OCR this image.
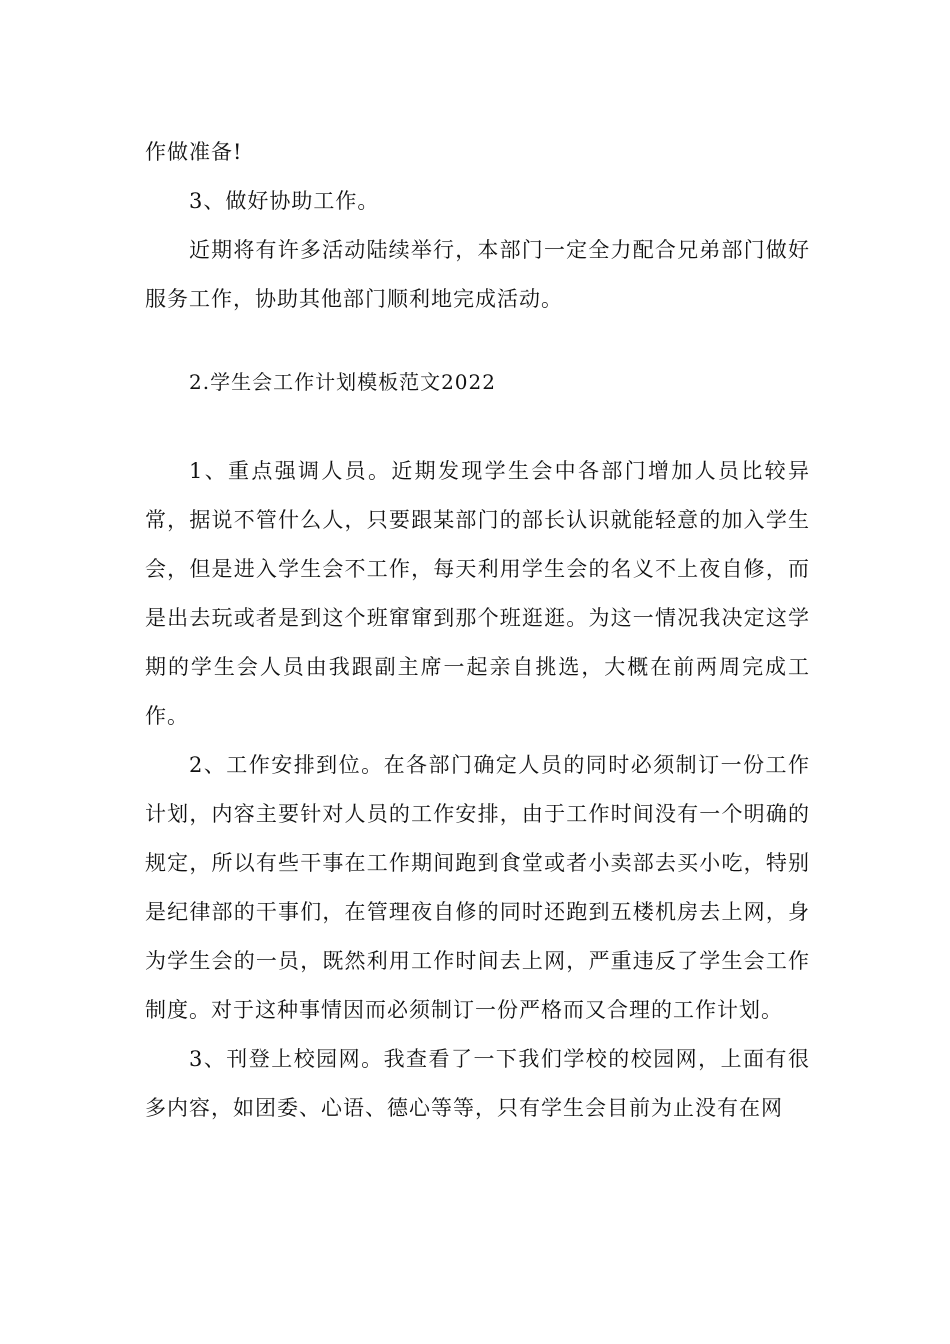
作做准备!

3、做好协助工作。

近期将有许多活动陆续举行，本部门一定全力配合兄弟部门做好服务工作，协助其他部门顺利地完成活动。

2.学生会工作计划模板范文2022

1、重点强调人员。近期发现学生会中各部门增加人员比较异常，据说不管什么人，只要跟某部门的部长认识就能轻意的加入学生会，但是进入学生会不工作，每天利用学生会的名义不上夜自修，而是出去玩或者是到这个班窜窜到那个班逛逛。为这一情况我决定这学期的学生会人员由我跟副主席一起亲自挑选，大概在前两周完成工作。

2、工作安排到位。在各部门确定人员的同时必须制订一份工作计划，内容主要针对人员的工作安排，由于工作时间没有一个明确的规定，所以有些干事在工作期间跑到食堂或者小卖部去买小吃，特别是纪律部的干事们，在管理夜自修的同时还跑到五楼机房去上网，身为学生会的一员，既然利用工作时间去上网，严重违反了学生会工作制度。对于这种事情因而必须制订一份严格而又合理的工作计划。

3、刊登上校园网。我查看了一下我们学校的校园网，上面有很多内容，如团委、心语、德心等等，只有学生会目前为止没有在网
